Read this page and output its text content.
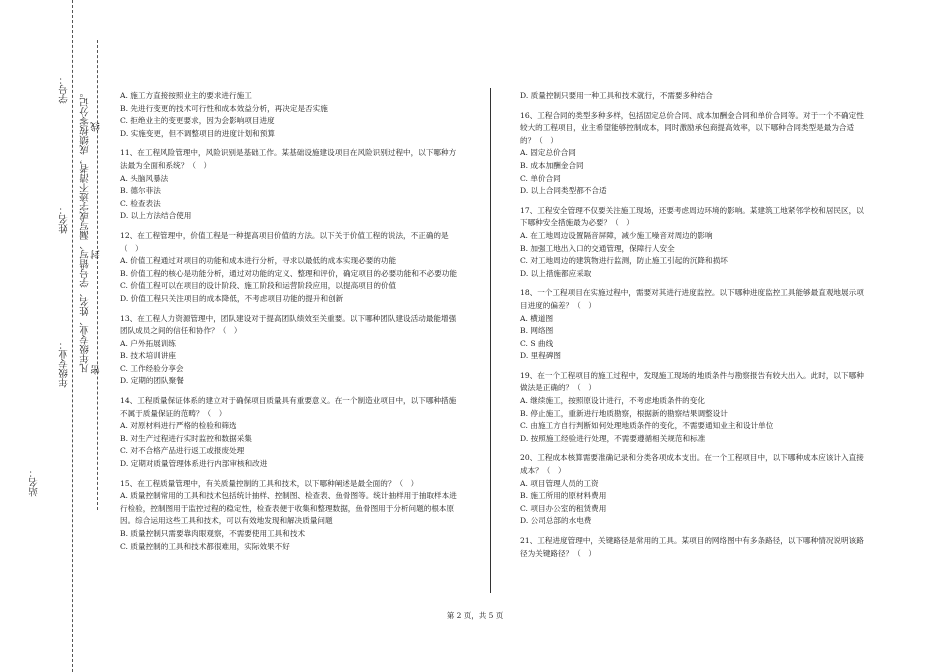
学号： 凡年级专业、姓名、学号错写、漏写或字迹不清者，成绩按零分记。 线
姓名：
封
年级专业： 密
站名：
A. 施工方直接按照业主的要求进行施工
B. 先进行变更的技术可行性和成本效益分析，再决定是否实施
C. 拒绝业主的变更要求，因为会影响项目进度
D. 实施变更，但不调整项目的进度计划和预算
11、在工程风险管理中，风险识别是基础工作。某基础设施建设项目在风险识别过程中，以下哪种方法最为全面和系统？（　）
A. 头脑风暴法
B. 德尔菲法
C. 检查表法
D. 以上方法结合使用
12、在工程管理中，价值工程是一种提高项目价值的方法。以下关于价值工程的说法，不正确的是（　）
A. 价值工程通过对项目的功能和成本进行分析，寻求以最低的成本实现必要的功能
B. 价值工程的核心是功能分析，通过对功能的定义、整理和评价，确定项目的必要功能和不必要功能
C. 价值工程可以在项目的设计阶段、施工阶段和运营阶段应用，以提高项目的价值
D. 价值工程只关注项目的成本降低，不考虑项目功能的提升和创新
13、在工程人力资源管理中，团队建设对于提高团队绩效至关重要。以下哪种团队建设活动最能增强团队成员之间的信任和协作？（　）
A. 户外拓展训练
B. 技术培训讲座
C. 工作经验分享会
D. 定期的团队聚餐
14、工程质量保证体系的建立对于确保项目质量具有重要意义。在一个制造业项目中，以下哪种措施不属于质量保证的范畴？（　）
A. 对原材料进行严格的检验和筛选
B. 对生产过程进行实时监控和数据采集
C. 对不合格产品进行返工或报废处理
D. 定期对质量管理体系进行内部审核和改进
15、在工程质量管理中，有关质量控制的工具和技术，以下哪种阐述是最全面的？（　）
A. 质量控制常用的工具和技术包括统计抽样、控制图、检查表、鱼骨图等。统计抽样用于抽取样本进行检验，控制图用于监控过程的稳定性，检查表便于收集和整理数据，鱼骨图用于分析问题的根本原因。综合运用这些工具和技术，可以有效地发现和解决质量问题
B. 质量控制只需要靠肉眼观察，不需要使用工具和技术
C. 质量控制的工具和技术都很难用，实际效果不好
D. 质量控制只要用一种工具和技术就行，不需要多种结合
16、工程合同的类型多种多样，包括固定总价合同、成本加酬金合同和单价合同等。对于一个不确定性较大的工程项目，业主希望能够控制成本，同时激励承包商提高效率，以下哪种合同类型是最为合适的？（　）
A. 固定总价合同
B. 成本加酬金合同
C. 单价合同
D. 以上合同类型都不合适
17、工程安全管理不仅要关注施工现场，还要考虑周边环境的影响。某建筑工地紧邻学校和居民区，以下哪种安全措施最为必要？（　）
A. 在工地周边设置隔音屏障，减少施工噪音对周边的影响
B. 加强工地出入口的交通管理，保障行人安全
C. 对工地周边的建筑物进行监测，防止施工引起的沉降和损坏
D. 以上措施都应采取
18、一个工程项目在实施过程中，需要对其进行进度监控。以下哪种进度监控工具能够最直观地展示项目进度的偏差？（　）
A. 横道图
B. 网络图
C. S 曲线
D. 里程碑图
19、在一个工程项目的施工过程中，发现施工现场的地质条件与勘察报告有较大出入。此时，以下哪种做法是正确的？（　）
A. 继续施工，按照原设计进行，不考虑地质条件的变化
B. 停止施工，重新进行地质勘察，根据新的勘察结果调整设计
C. 由施工方自行判断如何处理地质条件的变化，不需要通知业主和设计单位
D. 按照施工经验进行处理，不需要遵循相关规范和标准
20、工程成本核算需要准确记录和分类各项成本支出。在一个工程项目中，以下哪种成本应该计入直接成本？（　）
A. 项目管理人员的工资
B. 施工所用的原材料费用
C. 项目办公室的租赁费用
D. 公司总部的水电费
21、工程进度管理中，关键路径是常用的工具。某项目的网络图中有多条路径，以下哪种情况说明该路径为关键路径？（　）
第 2 页，共 5 页
